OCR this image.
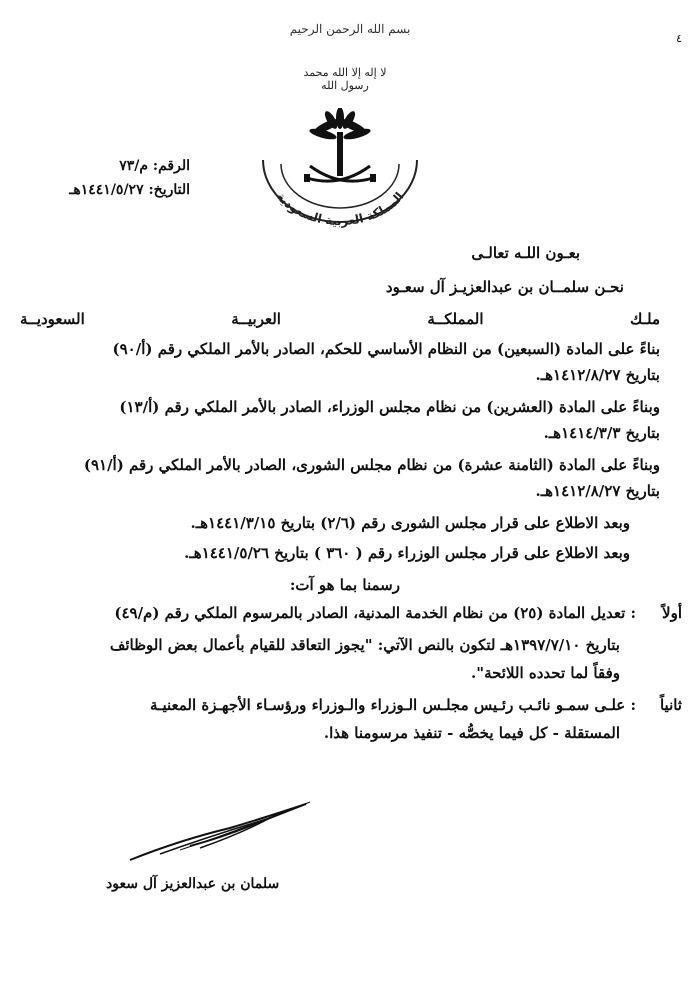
بسم الله الرحمن الرحيم
٤
لا إله إلا الله محمد رسول الله
المملكة العربية السعودية
الرقم: م/٧٣
التاريخ: ١٤٤١/٥/٢٧هـ
بعـون اللـه تعالـى
نحـن سلمــان بن عبدالعزيـز آل سعـود
ملـك المملكــة العربيــة السعوديــة
بناءً على المادة (السبعين) من النظام الأساسي للحكم، الصادر بالأمر الملكي رقم (أ/٩٠)
بتاريخ ١٤١٢/٨/٢٧هـ.
وبناءً على المادة (العشرين) من نظام مجلس الوزراء، الصادر بالأمر الملكي رقم (أ/١٣)
بتاريخ ١٤١٤/٣/٣هـ.
وبناءً على المادة (الثامنة عشرة) من نظام مجلس الشورى، الصادر بالأمر الملكي رقم (أ/٩١)
بتاريخ ١٤١٢/٨/٢٧هـ.
وبعد الاطلاع على قرار مجلس الشورى رقم (٢/٦) بتاريخ ١٤٤١/٣/١٥هـ.
وبعد الاطلاع على قرار مجلس الوزراء رقم ( ٣٦٠ ) بتاريخ ١٤٤١/٥/٢٦هـ.
رسمنا بما هو آت:
أولاً
: تعديل المادة (٢٥) من نظام الخدمة المدنية، الصادر بالمرسوم الملكي رقم (م/٤٩)
بتاريخ ١٣٩٧/٧/١٠هـ لتكون بالنص الآتي: "يجوز التعاقد للقيام بأعمال بعض الوظائف
وفقاً لما تحدده اللائحة".
ثانياً
: علـى سمـو نائـب رئـيس مجلـس الـوزراء والـوزراء ورؤسـاء الأجهـزة المعنيـة
المستقلة - كل فيما يخصُّه - تنفيذ مرسومنا هذا.
سلمان بن عبدالعزيز آل سعود
